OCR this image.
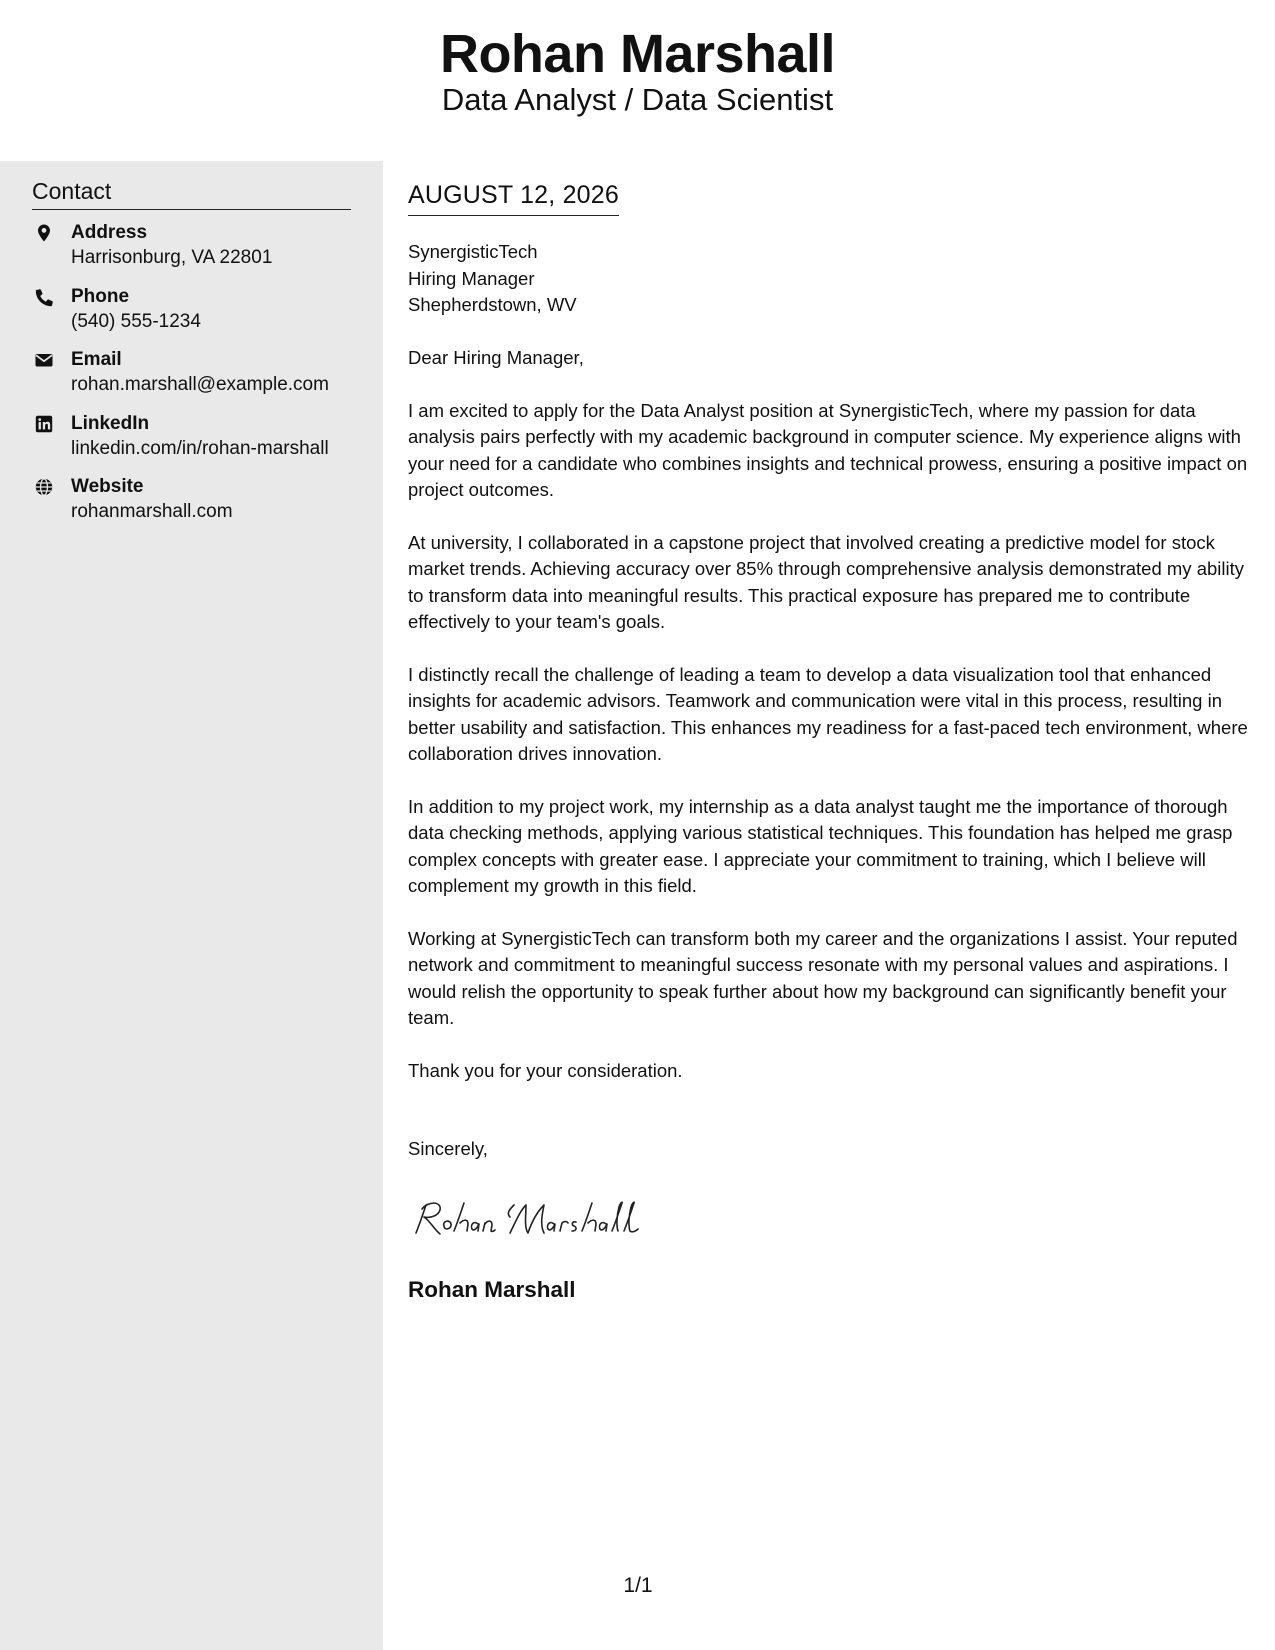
Rohan Marshall
Data Analyst / Data Scientist
Contact
Address
Harrisonburg, VA 22801
Phone
(540) 555-1234
Email
rohan.marshall@example.com
LinkedIn
linkedin.com/in/rohan-marshall
Website
rohanmarshall.com
AUGUST 12, 2026
SynergisticTech
Hiring Manager
Shepherdstown, WV
Dear Hiring Manager,
I am excited to apply for the Data Analyst position at SynergisticTech, where my passion for data analysis pairs perfectly with my academic background in computer science. My experience aligns with your need for a candidate who combines insights and technical prowess, ensuring a positive impact on project outcomes.
At university, I collaborated in a capstone project that involved creating a predictive model for stock market trends. Achieving accuracy over 85% through comprehensive analysis demonstrated my ability to transform data into meaningful results. This practical exposure has prepared me to contribute effectively to your team's goals.
I distinctly recall the challenge of leading a team to develop a data visualization tool that enhanced insights for academic advisors. Teamwork and communication were vital in this process, resulting in better usability and satisfaction. This enhances my readiness for a fast-paced tech environment, where collaboration drives innovation.
In addition to my project work, my internship as a data analyst taught me the importance of thorough data checking methods, applying various statistical techniques. This foundation has helped me grasp complex concepts with greater ease. I appreciate your commitment to training, which I believe will complement my growth in this field.
Working at SynergisticTech can transform both my career and the organizations I assist. Your reputed network and commitment to meaningful success resonate with my personal values and aspirations. I would relish the opportunity to speak further about how my background can significantly benefit your team.
Thank you for your consideration.
Sincerely,
Rohan Marshall
1/1
